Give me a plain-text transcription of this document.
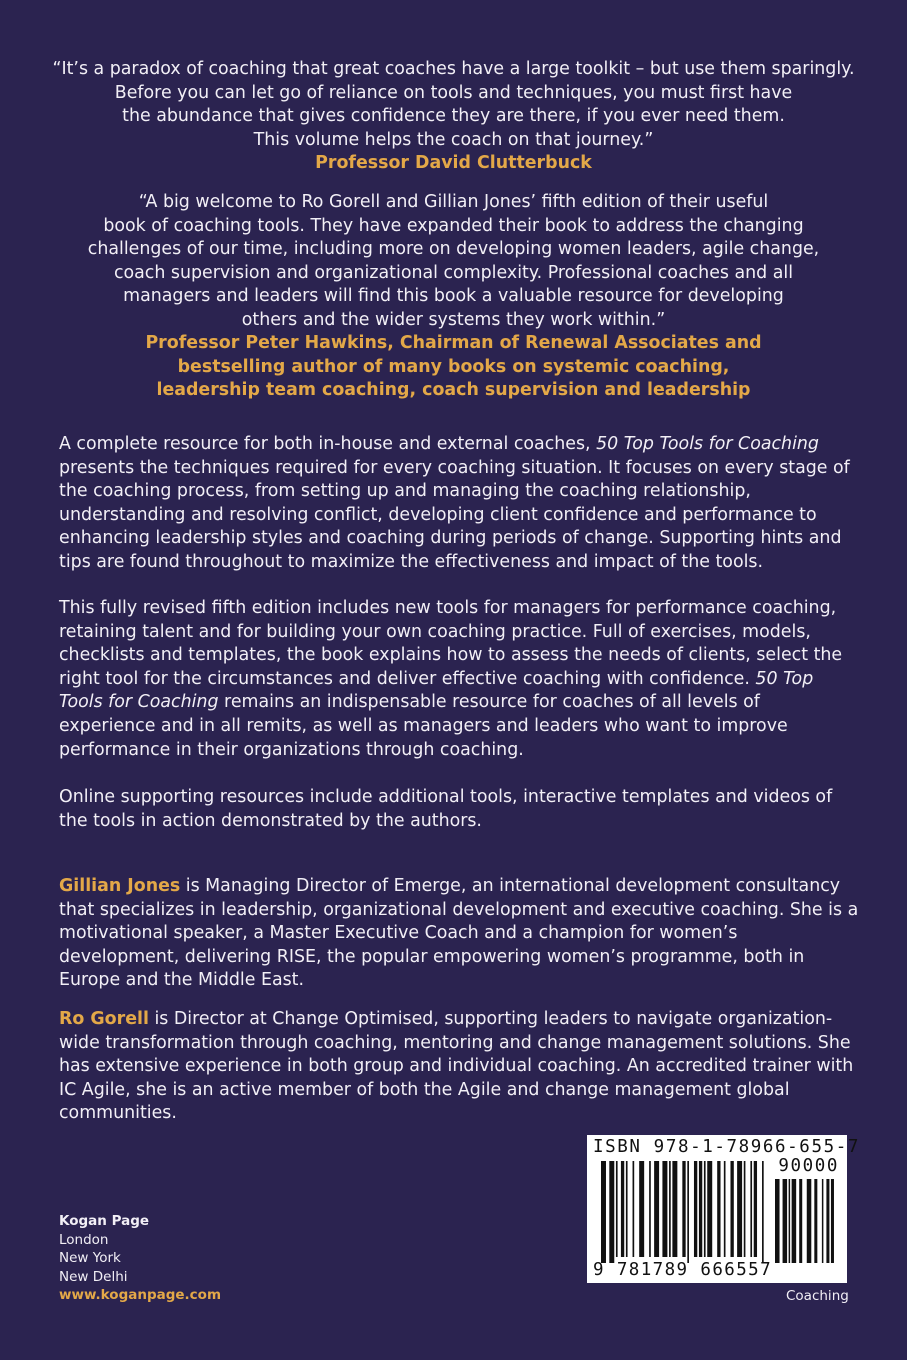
“It’s a paradox of coaching that great coaches have a large toolkit – but use them sparingly.
Before you can let go of reliance on tools and techniques, you must first have
the abundance that gives confidence they are there, if you ever need them.
This volume helps the coach on that journey.”
Professor David Clutterbuck
“A big welcome to Ro Gorell and Gillian Jones’ fifth edition of their useful
book of coaching tools. They have expanded their book to address the changing
challenges of our time, including more on developing women leaders, agile change,
coach supervision and organizational complexity. Professional coaches and all
managers and leaders will find this book a valuable resource for developing
others and the wider systems they work within.”
Professor Peter Hawkins, Chairman of Renewal Associates and
bestselling author of many books on systemic coaching,
leadership team coaching, coach supervision and leadership

A complete resource for both in-house and external coaches, 50 Top Tools for Coaching presents the techniques required for every coaching situation. It focuses on every stage of the coaching process, from setting up and managing the coaching relationship, understanding and resolving conflict, developing client confidence and performance to enhancing leadership styles and coaching during periods of change. Supporting hints and tips are found throughout to maximize the effectiveness and impact of the tools.

This fully revised fifth edition includes new tools for managers for performance coaching, retaining talent and for building your own coaching practice. Full of exercises, models, checklists and templates, the book explains how to assess the needs of clients, select the right tool for the circumstances and deliver effective coaching with confidence. 50 Top Tools for Coaching remains an indispensable resource for coaches of all levels of experience and in all remits, as well as managers and leaders who want to improve performance in their organizations through coaching.

Online supporting resources include additional tools, interactive templates and videos of the tools in action demonstrated by the authors.

Gillian Jones is Managing Director of Emerge, an international development consultancy that specializes in leadership, organizational development and executive coaching. She is a motivational speaker, a Master Executive Coach and a champion for women’s development, delivering RISE, the popular empowering women’s programme, both in Europe and the Middle East.

Ro Gorell is Director at Change Optimised, supporting leaders to navigate organization-wide transformation through coaching, mentoring and change management solutions. She has extensive experience in both group and individual coaching. An accredited trainer with IC Agile, she is an active member of both the Agile and change management global communities.

Kogan Page
London
New York
New Delhi
www.koganpage.com
ISBN 978-1-78966-655-7
90000
9 781789 666557
Coaching
